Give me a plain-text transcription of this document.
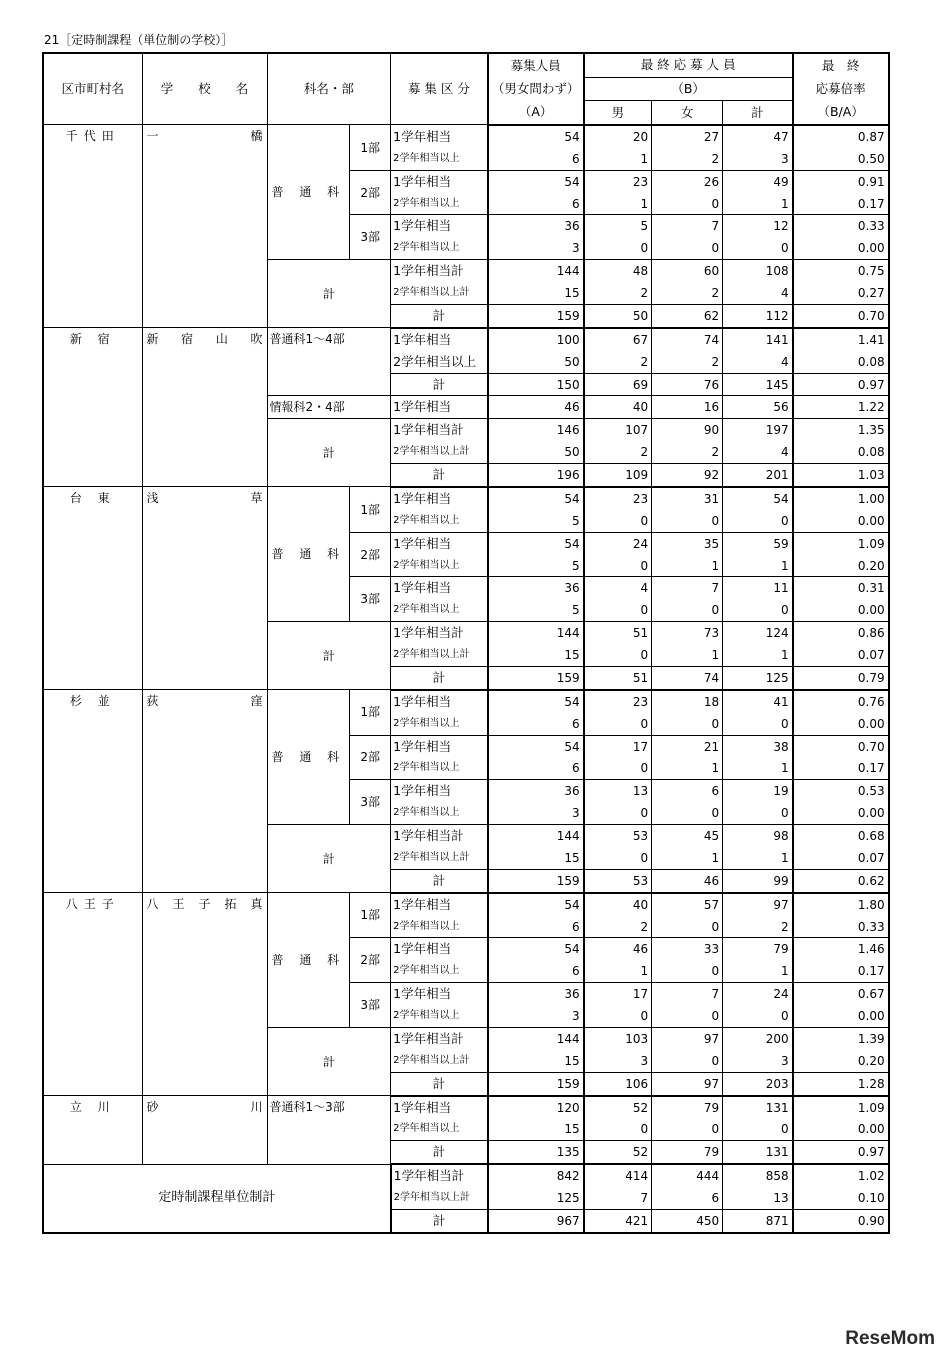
21［定時制課程（単位制の学校）］
区市町村名	学　　校　　名	科名・部		募 集 区 分	募集人員	最 終 応 募 人 員			最　終
					（男女問わず）	（B）			応募倍率
					（A）	男	女	計	（B/A）
千代田	一 橋	普 通 科	1部	1学年相当	54	20	27	47	0.87
				2学年相当以上	6	1	2	3	0.50
			2部	1学年相当	54	23	26	49	0.91
				2学年相当以上	6	1	0	1	0.17
			3部	1学年相当	36	5	7	12	0.33
				2学年相当以上	3	0	0	0	0.00
		計		1学年相当計	144	48	60	108	0.75
				2学年相当以上計	15	2	2	4	0.27
				計	159	50	62	112	0.70
新 宿	新 宿 山 吹	普通科1～4部		1学年相当	100	67	74	141	1.41
				2学年相当以上	50	2	2	4	0.08
				計	150	69	76	145	0.97
		情報科2・4部		1学年相当	46	40	16	56	1.22
		計		1学年相当計	146	107	90	197	1.35
				2学年相当以上計	50	2	2	4	0.08
				計	196	109	92	201	1.03
台 東	浅 草	普 通 科	1部	1学年相当	54	23	31	54	1.00
				2学年相当以上	5	0	0	0	0.00
			2部	1学年相当	54	24	35	59	1.09
				2学年相当以上	5	0	1	1	0.20
			3部	1学年相当	36	4	7	11	0.31
				2学年相当以上	5	0	0	0	0.00
		計		1学年相当計	144	51	73	124	0.86
				2学年相当以上計	15	0	1	1	0.07
				計	159	51	74	125	0.79
杉 並	荻 窪	普 通 科	1部	1学年相当	54	23	18	41	0.76
				2学年相当以上	6	0	0	0	0.00
			2部	1学年相当	54	17	21	38	0.70
				2学年相当以上	6	0	1	1	0.17
			3部	1学年相当	36	13	6	19	0.53
				2学年相当以上	3	0	0	0	0.00
		計		1学年相当計	144	53	45	98	0.68
				2学年相当以上計	15	0	1	1	0.07
				計	159	53	46	99	0.62
八王子	八 王 子 拓 真	普 通 科	1部	1学年相当	54	40	57	97	1.80
				2学年相当以上	6	2	0	2	0.33
			2部	1学年相当	54	46	33	79	1.46
				2学年相当以上	6	1	0	1	0.17
			3部	1学年相当	36	17	7	24	0.67
				2学年相当以上	3	0	0	0	0.00
		計		1学年相当計	144	103	97	200	1.39
				2学年相当以上計	15	3	0	3	0.20
				計	159	106	97	203	1.28
立 川	砂 川	普通科1～3部		1学年相当	120	52	79	131	1.09
				2学年相当以上	15	0	0	0	0.00
				計	135	52	79	131	0.97
定時制課程単位制計				1学年相当計	842	414	444	858	1.02
				2学年相当以上計	125	7	6	13	0.10
				計	967	421	450	871	0.90
ReseMom
